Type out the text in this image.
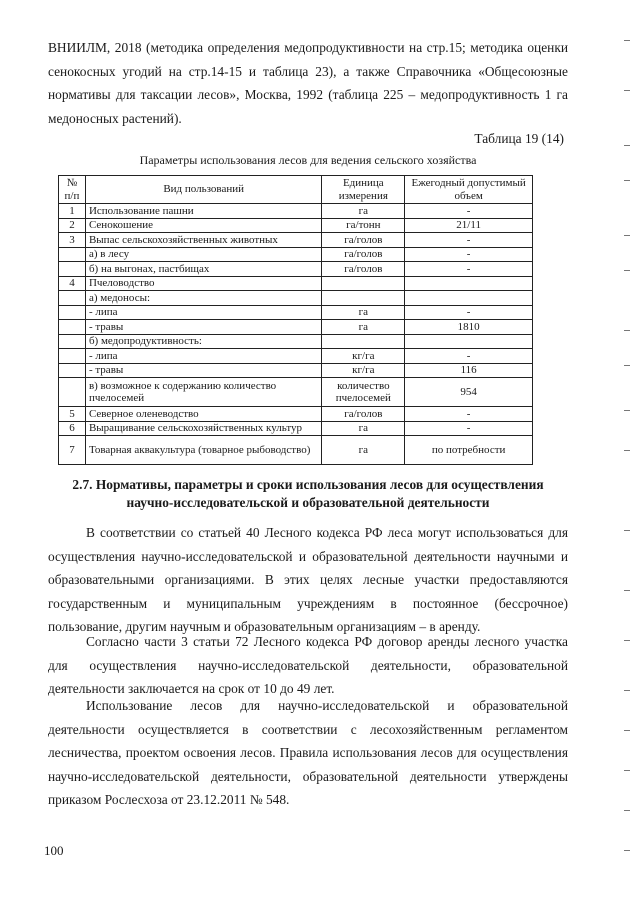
ВНИИЛМ, 2018 (методика определения медопродуктивности на стр.15; методика оценки сенокосных угодий на стр.14-15 и таблица 23), а также Справочника «Общесоюзные нормативы для таксации лесов», Москва, 1992 (таблица 225 – медопродуктивность 1 га медоносных растений).

Таблица 19 (14)
Параметры использования лесов для ведения сельского хозяйства
№ п/п	Вид пользований	Единица измерения	Ежегодный допустимый объем
1	Использование пашни	га	-
2	Сенокошение	га/тонн	21/11
3	Выпас сельскохозяйственных животных	га/голов	-
	а) в лесу	га/голов	-
	б) на выгонах, пастбищах	га/голов	-
4	Пчеловодство		
	а) медоносы:		
	- липа	га	-
	- травы	га	1810
	б) медопродуктивность:		
	- липа	кг/га	-
	- травы	кг/га	116
	в) возможное к содержанию количество пчелосемей	количество пчелосемей	954
5	Северное оленеводство	га/голов	-
6	Выращивание сельскохозяйственных культур	га	-
7	Товарная аквакультура (товарное рыбоводство)	га	по потребности
2.7. Нормативы, параметры и сроки использования лесов для осуществления
научно-исследовательской и образовательной деятельности

В соответствии со статьей 40 Лесного кодекса РФ леса могут использоваться для осуществления научно-исследовательской и образовательной деятельности научными и образовательными организациями. В этих целях лесные участки предоставляются государственным и муниципальным учреждениям в постоянное (бессрочное) пользование, другим научным и образовательным организациям – в аренду.

Согласно части 3 статьи 72 Лесного кодекса РФ договор аренды лесного участка для осуществления научно-исследовательской деятельности, образовательной деятельности заключается на срок от 10 до 49 лет.

Использование лесов для научно-исследовательской и образовательной деятельности осуществляется в соответствии с лесохозяйственным регламентом лесничества, проектом освоения лесов. Правила использования лесов для осуществления научно-исследовательской деятельности, образовательной деятельности утверждены приказом Рослесхоза от 23.12.2011 № 548.

100
